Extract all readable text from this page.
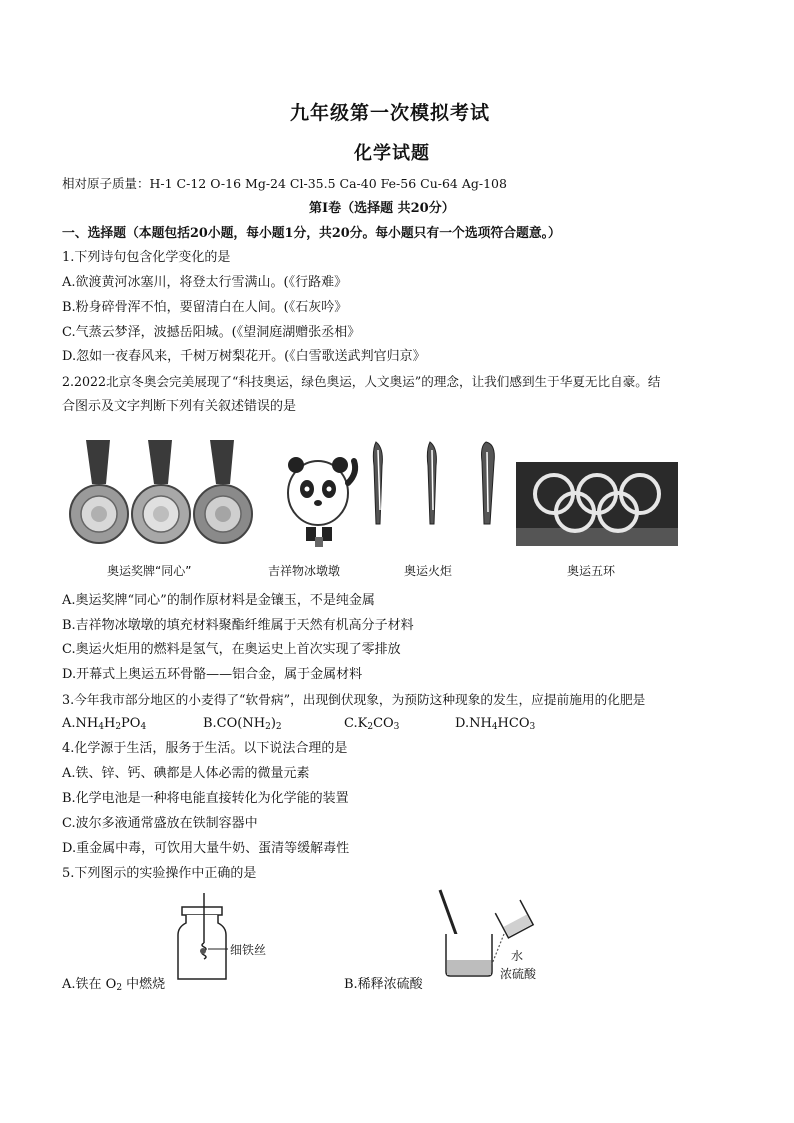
九年级第一次模拟考试
化学试题
相对原子质量：H-1 C-12 O-16 Mg-24 Cl-35.5 Ca-40 Fe-56 Cu-64 Ag-108
第Ⅰ卷（选择题 共20分）
一、选择题（本题包括20小题，每小题1分，共20分。每小题只有一个选项符合题意。）
1.下列诗句包含化学变化的是
A.欲渡黄河冰塞川，将登太行雪满山。(《行路难》
B.粉身碎骨浑不怕，要留清白在人间。(《石灰吟》
C.气蒸云梦泽，波撼岳阳城。(《望洞庭湖赠张丞相》
D.忽如一夜春风来，千树万树梨花开。(《白雪歌送武判官归京》
2.2022北京冬奥会完美展现了“科技奥运，绿色奥运，人文奥运”的理念，让我们感到生于华夏无比自豪。结
合图示及文字判断下列有关叙述错误的是
奥运奖牌“同心”	吉祥物冰墩墩	奥运火炬	奥运五环
A.奥运奖牌“同心”的制作原材料是金镶玉，不是纯金属
B.吉祥物冰墩墩的填充材料聚酯纤维属于天然有机高分子材料
C.奥运火炬用的燃料是氢气，在奥运史上首次实现了零排放
D.开幕式上奥运五环骨骼——铝合金，属于金属材料
3.今年我市部分地区的小麦得了“软骨病”，出现倒伏现象，为预防这种现象的发生，应提前施用的化肥是
$A.NH_4H_2PO_4$	$B.CO(NH_2)_2$	$C.K_2CO_3$	$D.NH_4HCO_3$
4.化学源于生活，服务于生活。以下说法合理的是
A.铁、锌、钙、碘都是人体必需的微量元素
B.化学电池是一种将电能直接转化为化学能的装置
C.波尔多液通常盛放在铁制容器中
D.重金属中毒，可饮用大量牛奶、蛋清等缓解毒性
5.下列图示的实验操作中正确的是
细铁丝
A.铁在 $O_2$ 中燃烧
水
浓硫酸
B.稀释浓硫酸
